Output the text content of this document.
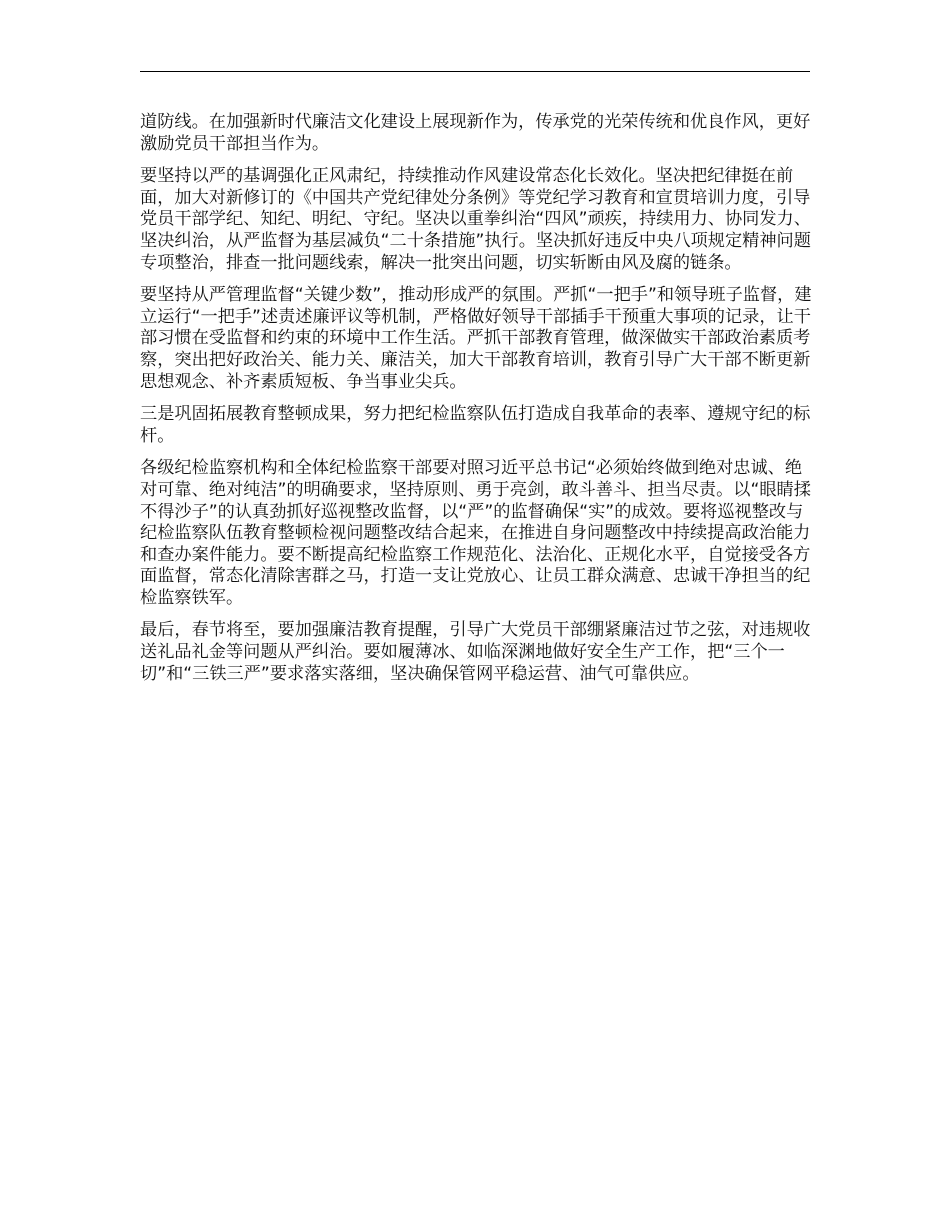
道防线。在加强新时代廉洁文化建设上展现新作为，传承党的光荣传统和优良作风，更好激励党员干部担当作为。

要坚持以严的基调强化正风肃纪，持续推动作风建设常态化长效化。坚决把纪律挺在前面，加大对新修订的《中国共产党纪律处分条例》等党纪学习教育和宣贯培训力度，引导党员干部学纪、知纪、明纪、守纪。坚决以重拳纠治“四风”顽疾，持续用力、协同发力、坚决纠治，从严监督为基层减负“二十条措施”执行。坚决抓好违反中央八项规定精神问题专项整治，排查一批问题线索，解决一批突出问题，切实斩断由风及腐的链条。

要坚持从严管理监督“关键少数”，推动形成严的氛围。严抓“一把手”和领导班子监督，建立运行“一把手”述责述廉评议等机制，严格做好领导干部插手干预重大事项的记录，让干部习惯在受监督和约束的环境中工作生活。严抓干部教育管理，做深做实干部政治素质考察，突出把好政治关、能力关、廉洁关，加大干部教育培训，教育引导广大干部不断更新思想观念、补齐素质短板、争当事业尖兵。

三是巩固拓展教育整顿成果，努力把纪检监察队伍打造成自我革命的表率、遵规守纪的标杆。

各级纪检监察机构和全体纪检监察干部要对照习近平总书记“必须始终做到绝对忠诚、绝对可靠、绝对纯洁”的明确要求，坚持原则、勇于亮剑，敢斗善斗、担当尽责。以“眼睛揉不得沙子”的认真劲抓好巡视整改监督，以“严”的监督确保“实”的成效。要将巡视整改与纪检监察队伍教育整顿检视问题整改结合起来，在推进自身问题整改中持续提高政治能力和查办案件能力。要不断提高纪检监察工作规范化、法治化、正规化水平，自觉接受各方面监督，常态化清除害群之马，打造一支让党放心、让员工群众满意、忠诚干净担当的纪检监察铁军。

最后，春节将至，要加强廉洁教育提醒，引导广大党员干部绷紧廉洁过节之弦，对违规收送礼品礼金等问题从严纠治。要如履薄冰、如临深渊地做好安全生产工作，把“三个一切”和“三铁三严”要求落实落细，坚决确保管网平稳运营、油气可靠供应。
